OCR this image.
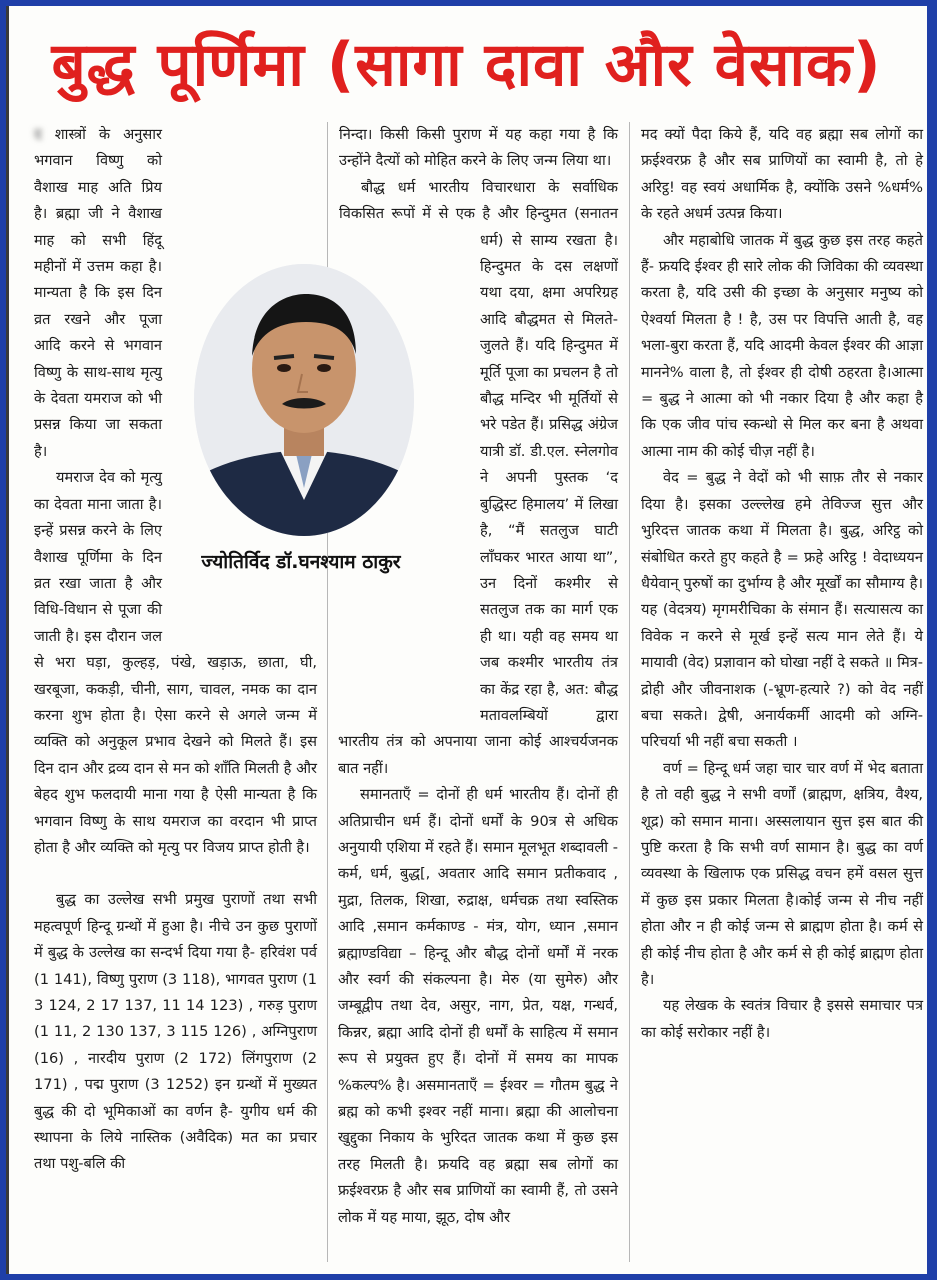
बुद्ध पूर्णिमा (सागा दावा और वेसाक)

द शास्त्रों के अनुसार भगवान विष्णु को वैशाख माह अति प्रिय है। ब्रह्मा जी ने वैशाख माह को सभी हिंदू महीनों में उत्तम कहा है। मान्यता है कि इस दिन व्रत रखने और पूजा आदि करने से भगवान विष्णु के साथ-साथ मृत्यु के देवता यमराज को भी प्रसन्न किया जा सकता है।

यमराज देव को मृत्यु का देवता माना जाता है। इन्हें प्रसन्न करने के लिए वैशाख पूर्णिमा के दिन व्रत रखा जाता है और विधि-विधान से पूजा की जाती है। इस दौरान जल से भरा घड़ा, कुल्हड़, पंखे, खड़ाऊ, छाता, घी, खरबूजा, ककड़ी, चीनी, साग, चावल, नमक का दान करना शुभ होता है। ऐसा करने से अगले जन्म में व्यक्ति को अनुकूल प्रभाव देखने को मिलते हैं। इस दिन दान और द्रव्य दान से मन को शाँति मिलती है और बेहद शुभ फलदायी माना गया है ऐसी मान्यता है कि भगवान विष्णु के साथ यमराज का वरदान भी प्राप्त होता है और व्यक्ति को मृत्यु पर विजय प्राप्त होती है।

बुद्ध का उल्लेख सभी प्रमुख पुराणों तथा सभी महत्वपूर्ण हिन्दू ग्रन्थों में हुआ है। नीचे उन कुछ पुराणों में बुद्ध के उल्लेख का सन्दर्भ दिया गया है- हरिवंश पर्व (1 141), विष्णु पुराण (3 118), भागवत पुराण (1 3 124, 2 17 137, 11 14 123) , गरुड़ पुराण (1 11, 2 130 137, 3 115 126) , अग्निपुराण (16) , नारदीय पुराण (2 172) लिंगपुराण (2 171) , पद्म पुराण (3 1252) इन ग्रन्थों में मुख्यत बुद्ध की दो भूमिकाओं का वर्णन है- युगीय धर्म की स्थापना के लिये नास्तिक (अवैदिक) मत का प्रचार तथा पशु-बलि की

निन्दा। किसी किसी पुराण में यह कहा गया है कि उन्होंने दैत्यों को मोहित करने के लिए जन्म लिया था।

बौद्ध धर्म भारतीय विचारधारा के सर्वाधिक विकसित रूपों में से एक है और हिन्दुमत (सनातन धर्म) से साम्य रखता है। हिन्दुमत के दस लक्षणों यथा दया, क्षमा अपरिग्रह आदि बौद्धमत से मिलते-जुलते हैं। यदि हिन्दुमत में मूर्ति पूजा का प्रचलन है तो बौद्ध मन्दिर भी मूर्तियों से भरे पडेत हैं। प्रसिद्ध अंग्रेज यात्री डॉ. डी.एल. स्नेलगोव ने अपनी पुस्तक ‘द बुद्धिस्ट हिमालय’ में लिखा है, “मैं सतलुज घाटी लाँघकर भारत आया था”, उन दिनों कश्मीर से सतलुज तक का मार्ग एक ही था। यही वह समय था जब कश्मीर भारतीय तंत्र का केंद्र रहा है, अत: बौद्ध मतावलम्बियों द्वारा भारतीय तंत्र को अपनाया जाना कोई आश्चर्यजनक बात नहीं।

समानताएँ = दोनों ही धर्म भारतीय हैं। दोनों ही अतिप्राचीन धर्म हैं। दोनों धर्मों के 90त्र से अधिक अनुयायी एशिया में रहते हैं। समान मूलभूत शब्दावली - कर्म, धर्म, बुद्ध[, अवतार आदि समान प्रतीकवाद , मुद्रा, तिलक, शिखा, रुद्राक्ष, धर्मचक्र तथा स्वस्तिक आदि ,समान कर्मकाण्ड - मंत्र, योग, ध्यान ,समान ब्रह्माण्डविद्या – हिन्दू और बौद्ध दोनों धर्मों में नरक और स्वर्ग की संकल्पना है। मेरु (या सुमेरु) और जम्बूद्वीप तथा देव, असुर, नाग, प्रेत, यक्ष, गन्धर्व, किन्नर, ब्रह्मा आदि दोनों ही धर्मों के साहित्य में समान रूप से प्रयुक्त हुए हैं। दोनों में समय का मापक %कल्प% है। असमानताएँ = ईश्वर = गौतम बुद्ध ने ब्रह्म को कभी इश्वर नहीं माना। ब्रह्मा की आलोचना खुद्दुका निकाय के भुरिदत जातक कथा में कुछ इस तरह मिलती है। फ्रयदि वह ब्रह्मा सब लोगों का फ्रईश्वरफ्र है और सब प्राणियों का स्वामी हैं, तो उसने लोक में यह माया, झूठ, दोष और

मद क्यों पैदा किये हैं, यदि वह ब्रह्मा सब लोगों का फ्रईश्वरफ्र है और सब प्राणियों का स्वामी है, तो हे अरिट्ठ! वह स्वयं अधार्मिक है, क्योंकि उसने %धर्म% के रहते अधर्म उत्पन्न किया।

और महाबोधि जातक में बुद्ध कुछ इस तरह कहते हैं- फ्रयदि ईश्वर ही सारे लोक की जिविका की व्यवस्था करता है, यदि उसी की इच्छा के अनुसार मनुष्य को ऐश्वर्या मिलता है ! है, उस पर विपत्ति आती है, वह भला-बुरा करता हैं, यदि आदमी केवल ईश्वर की आज्ञा मानने% वाला है, तो ईश्वर ही दोषी ठहरता है।आत्मा = बुद्ध ने आत्मा को भी नकार दिया है और कहा है कि एक जीव पांच स्कन्धो से मिल कर बना है अथवा आत्मा नाम की कोई चीज़ नहीं है।

वेद = बुद्ध ने वेदों को भी साफ़ तौर से नकार दिया है। इसका उल्ल्लेख हमे तेविज्ज सुत्त और भुरिदत्त जातक कथा में मिलता है। बुद्ध, अरिट्ठ को संबोधित करते हुए कहते है = फ्रहे अरिट्ठ ! वेदाध्ययन धैयेवान् पुरुषों का दुर्भाग्य है और मूर्खों का सौमाग्य है। यह (वेदत्रय) मृगमरीचिका के संमान हैं। सत्यासत्य का विवेक न करने से मूर्ख इन्हें सत्य मान लेते हैं। ये मायावी (वेद) प्रज्ञावान को घोखा नहीं दे सकते ॥ मित्र-द्रोही और जीवनाशक (-भ्रूण-हत्यारे ?) को वेद नहीं बचा सकते। द्वेषी, अनार्यकर्मी आदमी को अग्नि-परिचर्या भी नहीं बचा सकती ।

वर्ण = हिन्दू धर्म जहा चार चार वर्ण में भेद बताता है तो वही बुद्ध ने सभी वर्णों (ब्राह्मण, क्षत्रिय, वैश्य, शूद्र) को समान माना। अस्सलायान सुत्त इस बात की पुष्टि करता है कि सभी वर्ण सामान है। बुद्ध का वर्ण व्यवस्था के खिलाफ एक प्रसिद्ध वचन हमें वसल सुत्त में कुछ इस प्रकार मिलता है।कोई जन्म से नीच नहीं होता और न ही कोई जन्म से ब्राह्मण होता है। कर्म से ही कोई नीच होता है और कर्म से ही कोई ब्राह्मण होता है।

यह लेखक के स्वतंत्र विचार है इससे समाचार पत्र का कोई सरोकार नहीं है।

ज्योतिर्विद डॉ.घनश्याम ठाकुर
